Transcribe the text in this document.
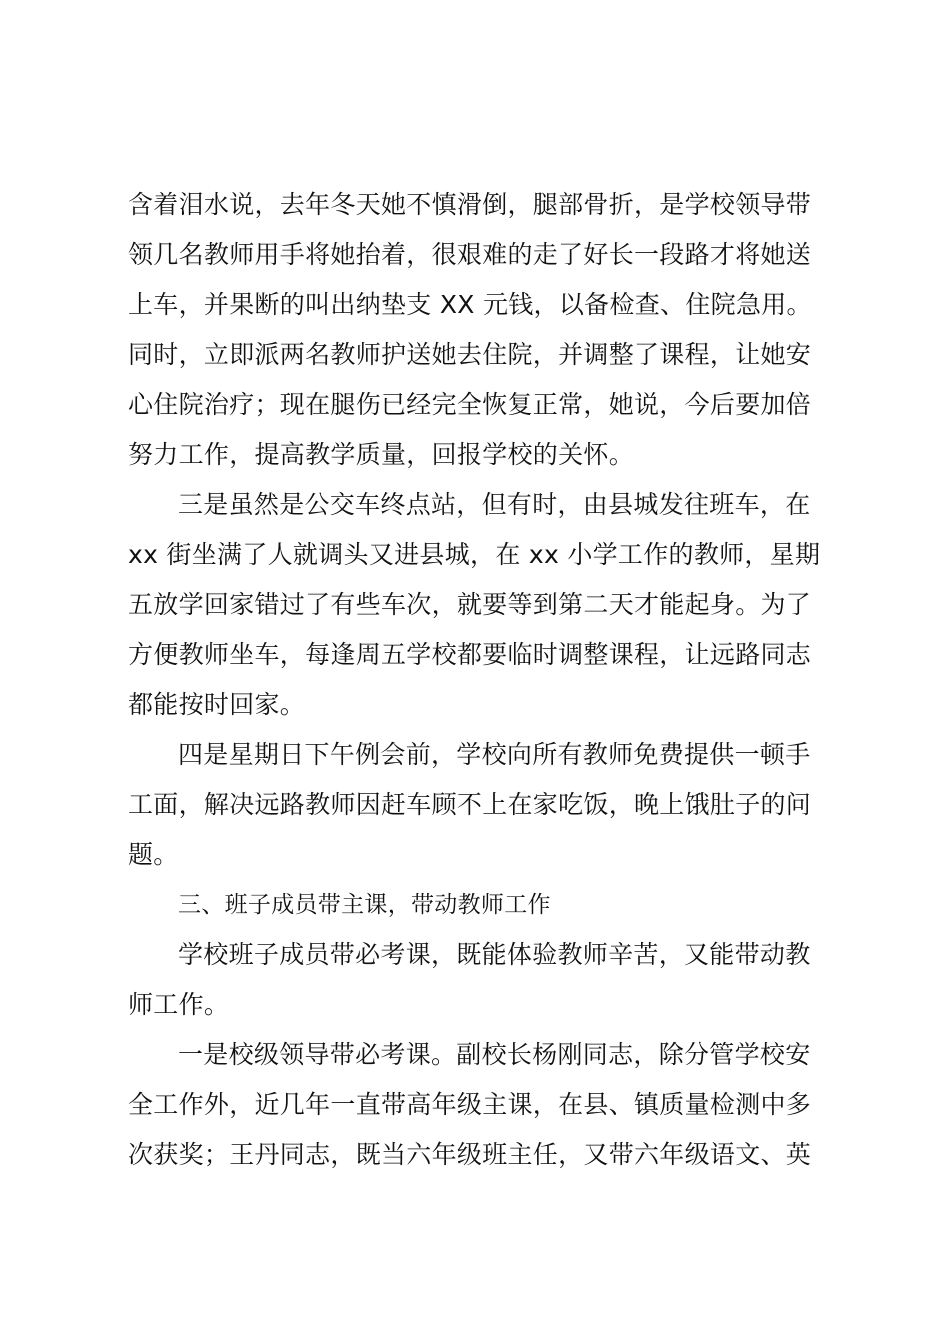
含着泪水说，去年冬天她不慎滑倒，腿部骨折，是学校领导带
领几名教师用手将她抬着，很艰难的走了好长一段路才将她送
上车，并果断的叫出纳垫支 XX 元钱，以备检查、住院急用。
同时，立即派两名教师护送她去住院，并调整了课程，让她安
心住院治疗；现在腿伤已经完全恢复正常，她说，今后要加倍
努力工作，提高教学质量，回报学校的关怀。
三是虽然是公交车终点站，但有时，由县城发往班车，在
xx 街坐满了人就调头又进县城，在 xx 小学工作的教师，星期
五放学回家错过了有些车次，就要等到第二天才能起身。为了
方便教师坐车，每逢周五学校都要临时调整课程，让远路同志
都能按时回家。
四是星期日下午例会前，学校向所有教师免费提供一顿手
工面，解决远路教师因赶车顾不上在家吃饭，晚上饿肚子的问
题。
三、班子成员带主课，带动教师工作
学校班子成员带必考课，既能体验教师辛苦，又能带动教
师工作。
一是校级领导带必考课。副校长杨刚同志，除分管学校安
全工作外，近几年一直带高年级主课，在县、镇质量检测中多
次获奖；王丹同志，既当六年级班主任，又带六年级语文、英
